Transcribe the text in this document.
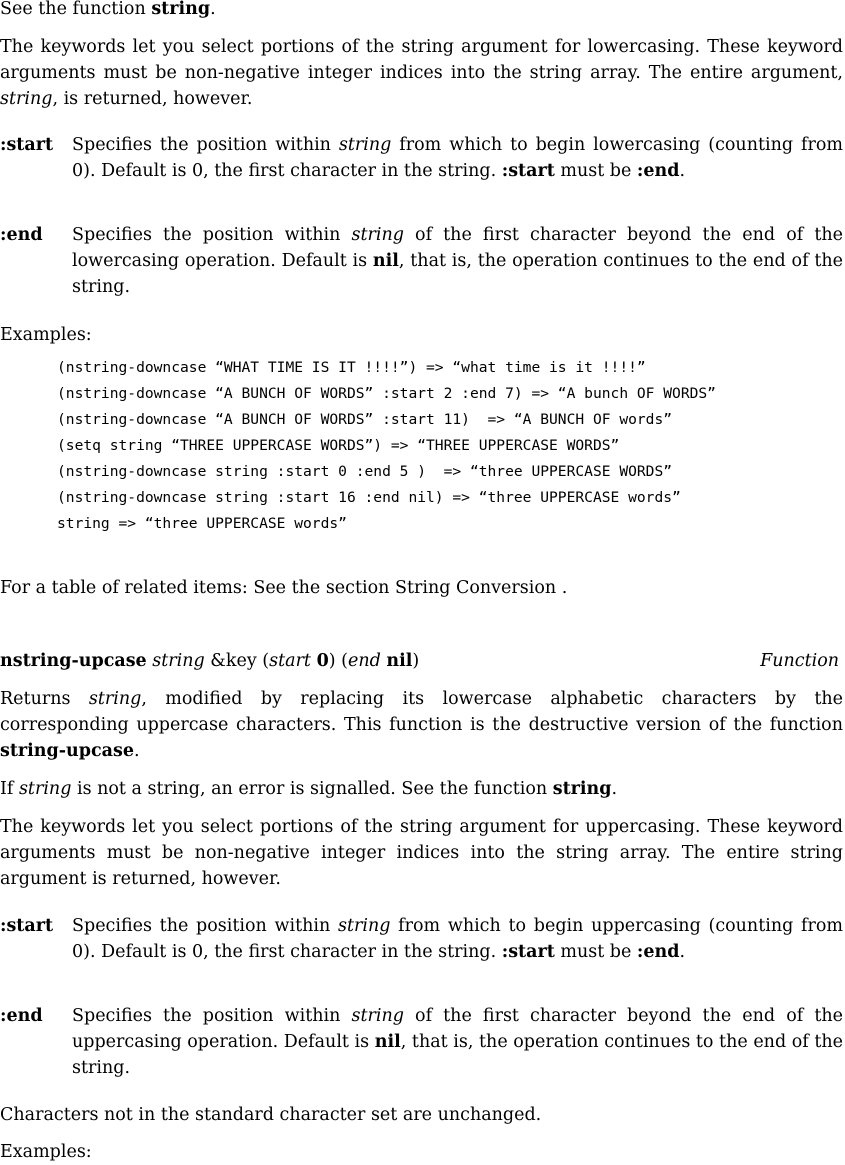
See the function string.

The keywords let you select portions of the string argument for lowercasing. These keyword arguments must be non-negative integer indices into the string array. The entire argument, string, is returned, however.

:start Specifies the position within string from which to begin lowercasing (counting from 0). Default is 0, the first character in the string. :start must be :end.
:end Specifies the position within string of the first character beyond the end of the lowercasing operation. Default is nil, that is, the operation continues to the end of the string.

Examples:

(nstring-downcase “WHAT TIME IS IT !!!!”) => “what time is it !!!!”
(nstring-downcase “A BUNCH OF WORDS” :start 2 :end 7) => “A bunch OF WORDS”
(nstring-downcase “A BUNCH OF WORDS” :start 11)  => “A BUNCH OF words”
(setq string “THREE UPPERCASE WORDS”) => “THREE UPPERCASE WORDS”
(nstring-downcase string :start 0 :end 5 )  => “three UPPERCASE WORDS”
(nstring-downcase string :start 16 :end nil) => “three UPPERCASE words”
string => “three UPPERCASE words”

For a table of related items: See the section String Conversion .

nstring-upcase string &key (start 0) (end nil)	Function

Returns string, modified by replacing its lowercase alphabetic characters by the corresponding uppercase characters. This function is the destructive version of the function string-upcase.

If string is not a string, an error is signalled. See the function string.

The keywords let you select portions of the string argument for uppercasing. These keyword arguments must be non-negative integer indices into the string array. The entire string argument is returned, however.

:start Specifies the position within string from which to begin uppercasing (counting from 0). Default is 0, the first character in the string. :start must be :end.
:end Specifies the position within string of the first character beyond the end of the uppercasing operation. Default is nil, that is, the operation continues to the end of the string.

Characters not in the standard character set are unchanged.

Examples:
